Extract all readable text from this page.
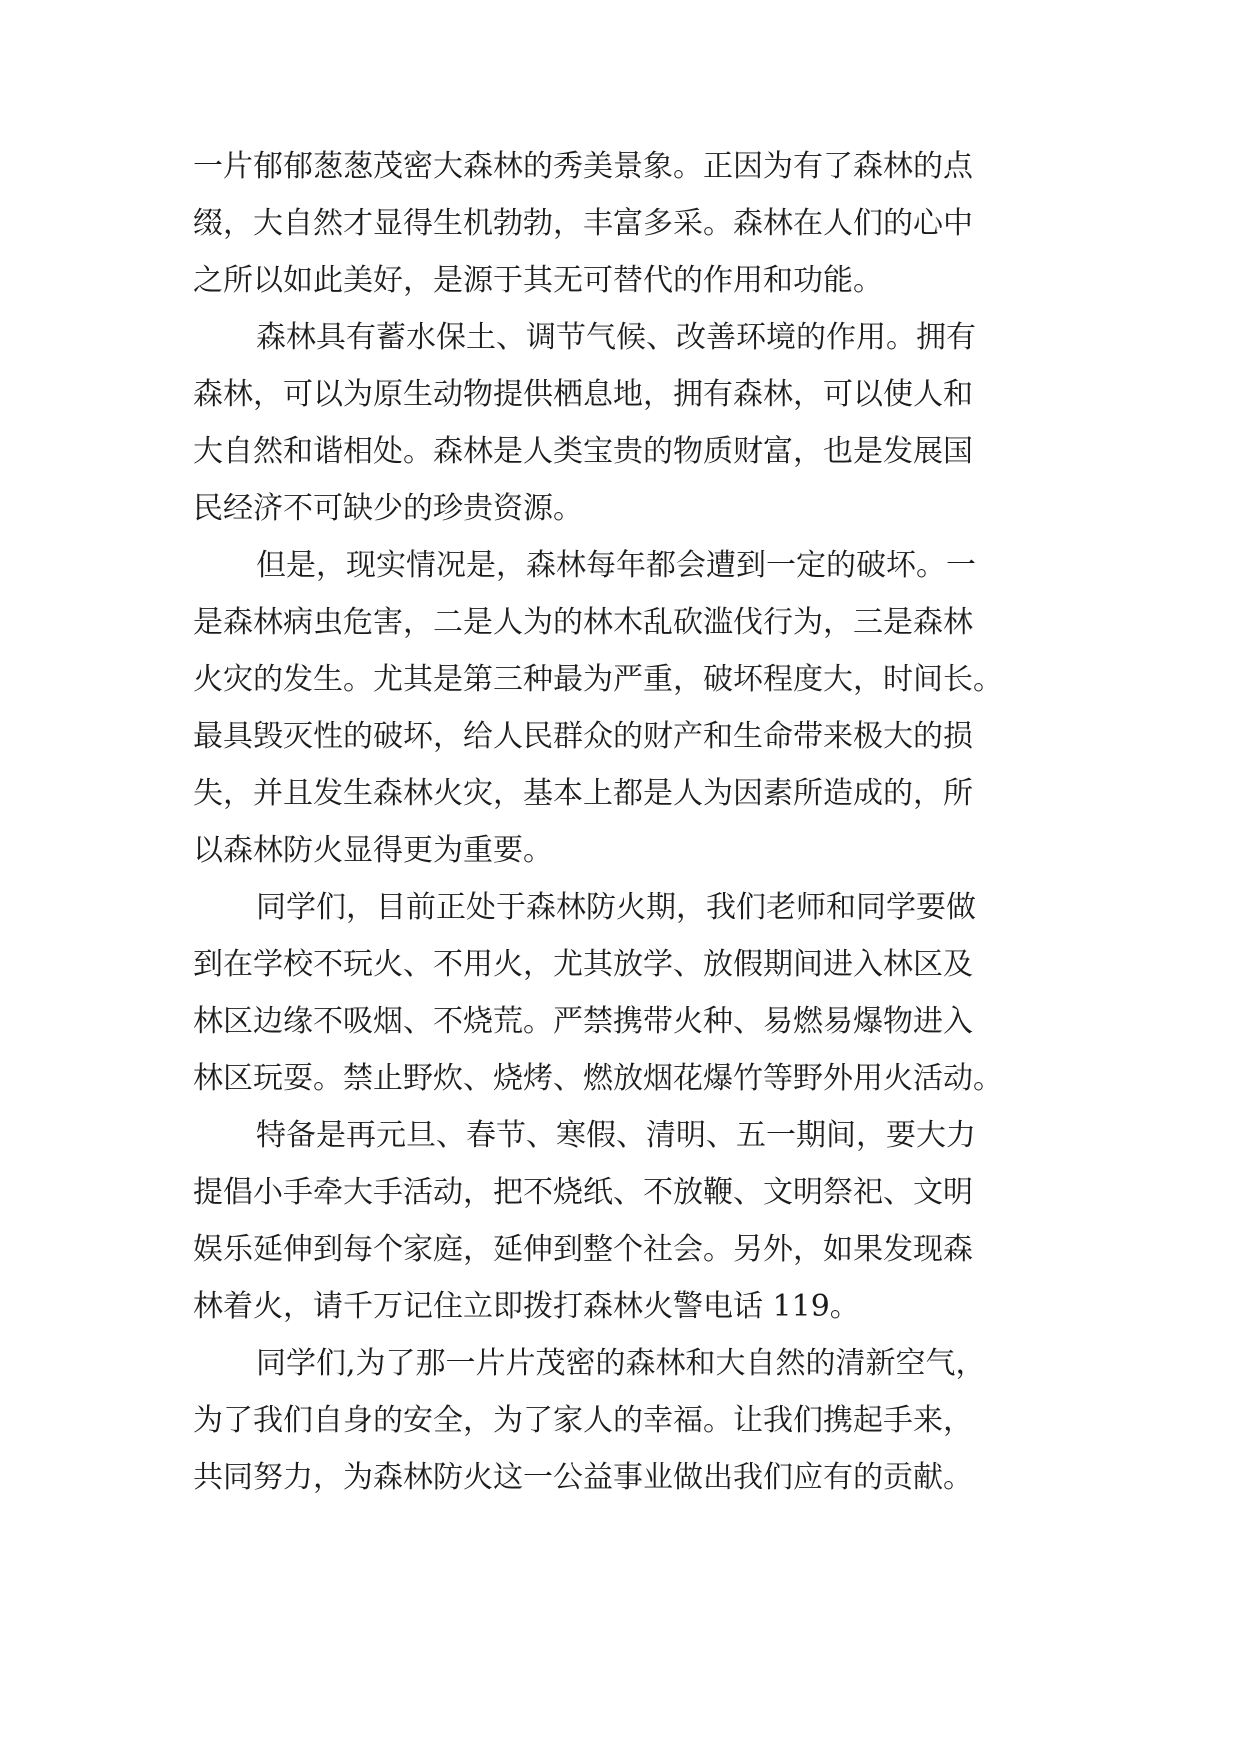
一片郁郁葱葱茂密大森林的秀美景象。正因为有了森林的点
缀，大自然才显得生机勃勃，丰富多采。森林在人们的心中
之所以如此美好，是源于其无可替代的作用和功能。
森林具有蓄水保土、调节气候、改善环境的作用。拥有
森林，可以为原生动物提供栖息地，拥有森林，可以使人和
大自然和谐相处。森林是人类宝贵的物质财富，也是发展国
民经济不可缺少的珍贵资源。
但是，现实情况是，森林每年都会遭到一定的破坏。一
是森林病虫危害，二是人为的林木乱砍滥伐行为，三是森林
火灾的发生。尤其是第三种最为严重，破坏程度大，时间长。
最具毁灭性的破坏，给人民群众的财产和生命带来极大的损
失，并且发生森林火灾，基本上都是人为因素所造成的，所
以森林防火显得更为重要。
同学们，目前正处于森林防火期，我们老师和同学要做
到在学校不玩火、不用火，尤其放学、放假期间进入林区及
林区边缘不吸烟、不烧荒。严禁携带火种、易燃易爆物进入
林区玩耍。禁止野炊、烧烤、燃放烟花爆竹等野外用火活动。
特备是再元旦、春节、寒假、清明、五一期间，要大力
提倡小手牵大手活动，把不烧纸、不放鞭、文明祭祀、文明
娱乐延伸到每个家庭，延伸到整个社会。另外，如果发现森
林着火，请千万记住立即拨打森林火警电话 119。
同学们,为了那一片片茂密的森林和大自然的清新空气，
为了我们自身的安全，为了家人的幸福。让我们携起手来，
共同努力，为森林防火这一公益事业做出我们应有的贡献。
